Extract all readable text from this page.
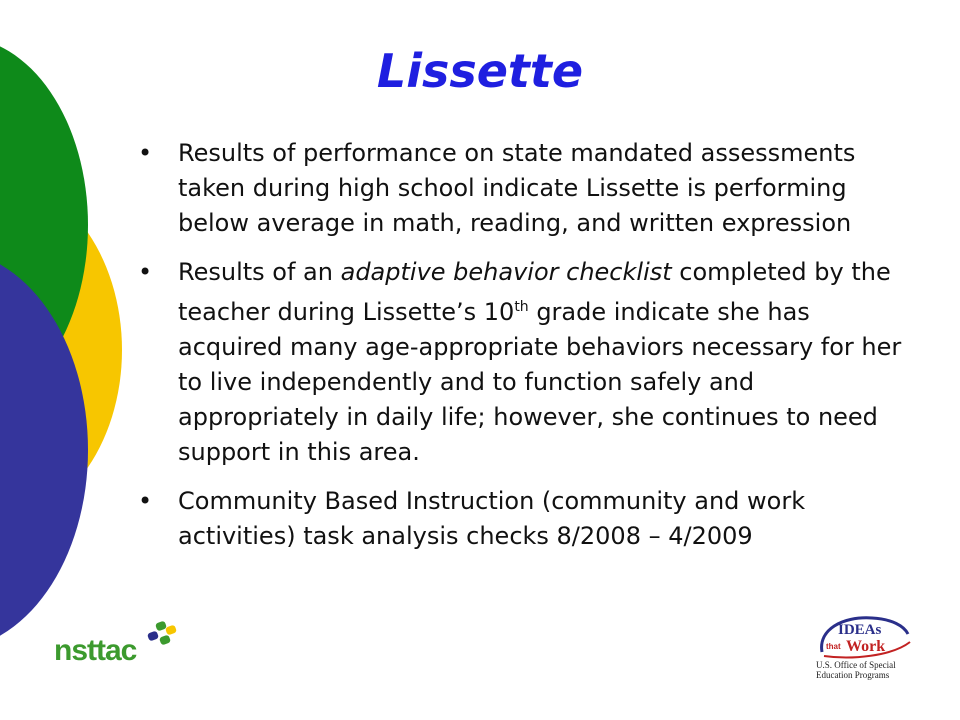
Lissette
• Results of performance on state mandated assessments taken during high school indicate Lissette is performing below average in math, reading, and written expression
• Results of an adaptive behavior checklist completed by the teacher during Lissette’s 10th grade indicate she has acquired many age-appropriate behaviors necessary for her to live independently and to function safely and appropriately in daily life; however, she continues to need support in this area.
• Community Based Instruction (community and work activities) task analysis checks 8/2008 – 4/2009
nsttac
IDEAs
that Work
U.S. Office of Special Education Programs
